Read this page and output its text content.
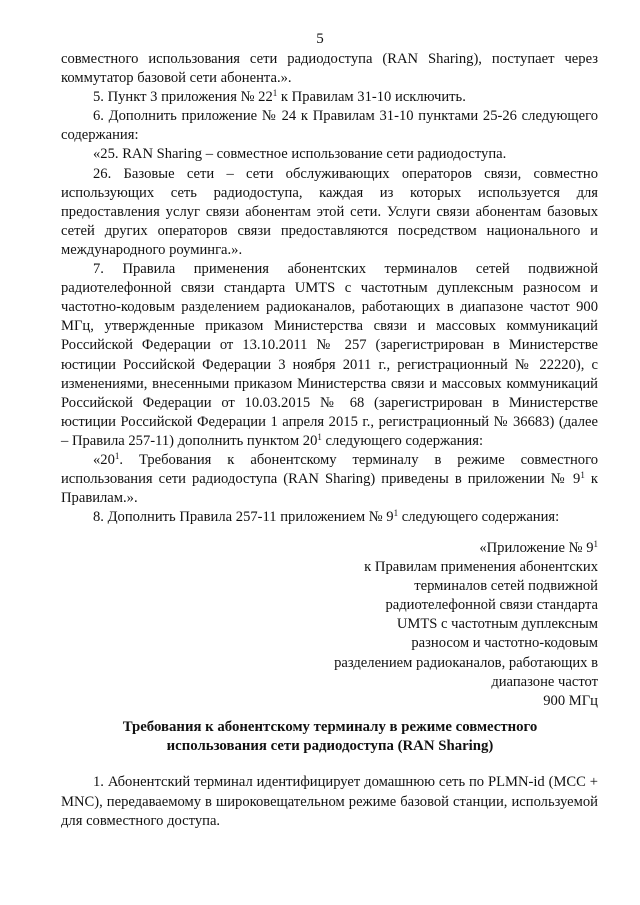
5

совместного использования сети радиодоступа (RAN Sharing), поступает через коммутатор базовой сети абонента.».

5. Пункт 3 приложения № $22^1$ к Правилам 31-10 исключить.

6. Дополнить приложение № 24 к Правилам 31-10 пунктами 25-26 следующего содержания:

«25. RAN Sharing – совместное использование сети радиодоступа.

26. Базовые сети – сети обслуживающих операторов связи, совместно использующих сеть радиодоступа, каждая из которых используется для предоставления услуг связи абонентам этой сети. Услуги связи абонентам базовых сетей других операторов связи предоставляются посредством национального и международного роуминга.».

7. Правила применения абонентских терминалов сетей подвижной радиотелефонной связи стандарта UMTS с частотным дуплексным разносом и частотно-кодовым разделением радиоканалов, работающих в диапазоне частот 900 МГц, утвержденные приказом Министерства связи и массовых коммуникаций Российской Федерации от 13.10.2011 № 257 (зарегистрирован в Министерстве юстиции Российской Федерации 3 ноября 2011 г., регистрационный № 22220), с изменениями, внесенными приказом Министерства связи и массовых коммуникаций Российской Федерации от 10.03.2015 № 68 (зарегистрирован в Министерстве юстиции Российской Федерации 1 апреля 2015 г., регистрационный № 36683) (далее – Правила 257-11) дополнить пунктом $20^1$ следующего содержания:

«$20^1$. Требования к абонентскому терминалу в режиме совместного использования сети радиодоступа (RAN Sharing) приведены в приложении № $9^1$ к Правилам.».

8. Дополнить Правила 257-11 приложением № $9^1$ следующего содержания:

«Приложение № $9^1$
к Правилам применения абонентских
терминалов сетей подвижной
радиотелефонной связи стандарта
UMTS с частотным дуплексным
разносом и частотно-кодовым
разделением радиоканалов, работающих в
диапазоне частот
900 МГц
Требования к абонентскому терминалу в режиме совместного
использования сети радиодоступа (RAN Sharing)

1. Абонентский терминал идентифицирует домашнюю сеть по PLMN-id (MCC + MNC), передаваемому в широковещательном режиме базовой станции, используемой для совместного доступа.
